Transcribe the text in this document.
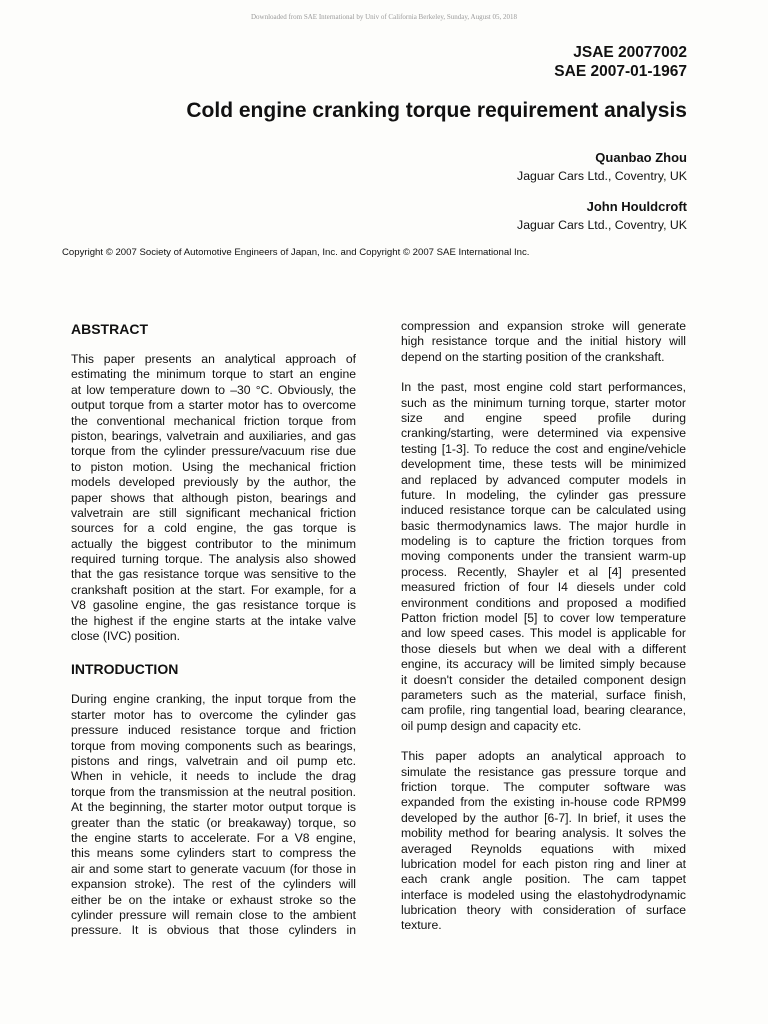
Downloaded from SAE International by Univ of California Berkeley, Sunday, August 05, 2018
JSAE 20077002
SAE 2007-01-1967
Cold engine cranking torque requirement analysis
Quanbao Zhou
Jaguar Cars Ltd., Coventry, UK
John Houldcroft
Jaguar Cars Ltd., Coventry, UK
Copyright © 2007 Society of Automotive Engineers of Japan, Inc. and Copyright © 2007 SAE International Inc.
ABSTRACT
This paper presents an analytical approach of
estimating the minimum torque to start an engine
at low temperature down to –30 °C. Obviously, the
output torque from a starter motor has to overcome
the conventional mechanical friction torque from
piston, bearings, valvetrain and auxiliaries, and gas
torque from the cylinder pressure/vacuum rise due
to piston motion. Using the mechanical friction
models developed previously by the author, the
paper shows that although piston, bearings and
valvetrain are still significant mechanical friction
sources for a cold engine, the gas torque is
actually the biggest contributor to the minimum
required turning torque. The analysis also showed
that the gas resistance torque was sensitive to the
crankshaft position at the start. For example, for a
V8 gasoline engine, the gas resistance torque is
the highest if the engine starts at the intake valve
close (IVC) position.
INTRODUCTION
During engine cranking, the input torque from the
starter motor has to overcome the cylinder gas
pressure induced resistance torque and friction
torque from moving components such as bearings,
pistons and rings, valvetrain and oil pump etc.
When in vehicle, it needs to include the drag
torque from the transmission at the neutral position.
At the beginning, the starter motor output torque is
greater than the static (or breakaway) torque, so
the engine starts to accelerate. For a V8 engine,
this means some cylinders start to compress the
air and some start to generate vacuum (for those in
expansion stroke). The rest of the cylinders will
either be on the intake or exhaust stroke so the
cylinder pressure will remain close to the ambient
pressure. It is obvious that those cylinders in
compression and expansion stroke will generate
high resistance torque and the initial history will
depend on the starting position of the crankshaft.
In the past, most engine cold start performances,
such as the minimum turning torque, starter motor
size and engine speed profile during
cranking/starting, were determined via expensive
testing [1-3]. To reduce the cost and engine/vehicle
development time, these tests will be minimized
and replaced by advanced computer models in
future. In modeling, the cylinder gas pressure
induced resistance torque can be calculated using
basic thermodynamics laws. The major hurdle in
modeling is to capture the friction torques from
moving components under the transient warm-up
process. Recently, Shayler et al [4] presented
measured friction of four I4 diesels under cold
environment conditions and proposed a modified
Patton friction model [5] to cover low temperature
and low speed cases. This model is applicable for
those diesels but when we deal with a different
engine, its accuracy will be limited simply because
it doesn't consider the detailed component design
parameters such as the material, surface finish,
cam profile, ring tangential load, bearing clearance,
oil pump design and capacity etc.
This paper adopts an analytical approach to
simulate the resistance gas pressure torque and
friction torque. The computer software was
expanded from the existing in-house code RPM99
developed by the author [6-7]. In brief, it uses the
mobility method for bearing analysis. It solves the
averaged Reynolds equations with mixed
lubrication model for each piston ring and liner at
each crank angle position. The cam tappet
interface is modeled using the elastohydrodynamic
lubrication theory with consideration of surface
texture.
